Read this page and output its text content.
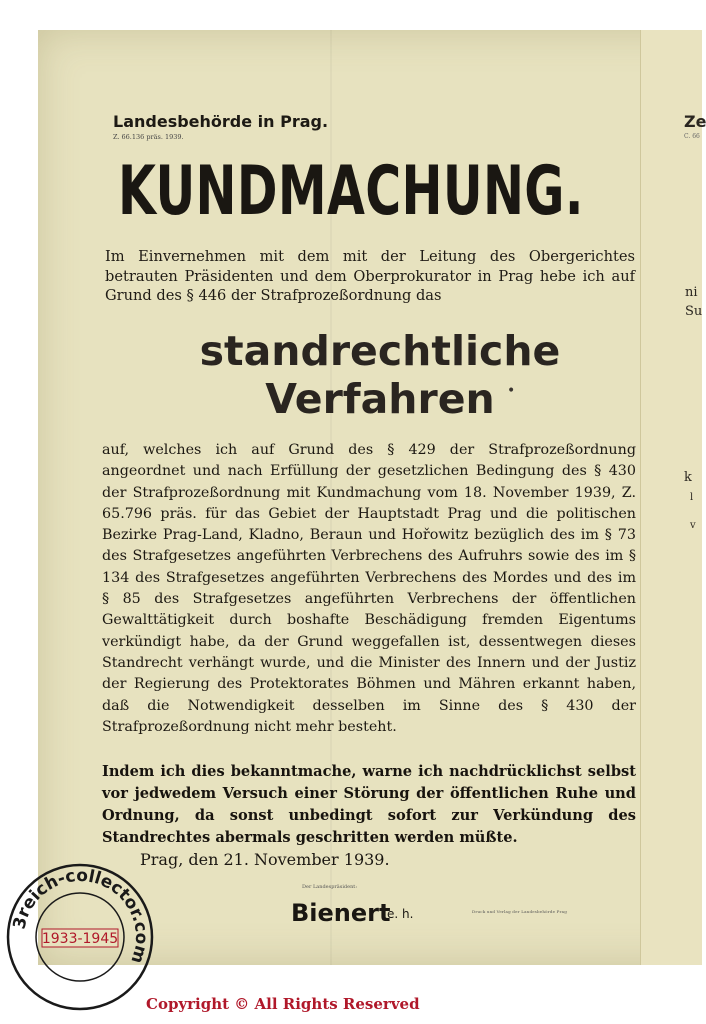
Landesbehörde in Prag.

Z. 66.136 präs. 1939.

KUNDMACHUNG.

Im Einvernehmen mit dem mit der Leitung des Obergerichtes betrauten Präsidenten und dem Oberprokurator in Prag hebe ich auf Grund des § 446 der Strafprozeßordnung das

standrechtliche

Verfahren •

auf, welches ich auf Grund des § 429 der Strafprozeßordnung angeordnet und nach Erfüllung der gesetzlichen Bedingung des § 430 der Strafprozeßordnung mit Kundmachung vom 18. November 1939, Z. 65.796 präs. für das Gebiet der Hauptstadt Prag und die politischen Bezirke Prag-Land, Kladno, Beraun und Hořowitz bezüglich des im § 73 des Strafgesetzes angeführten Verbrechens des Aufruhrs sowie des im § 134 des Strafgesetzes angeführten Verbrechens des Mordes und des im § 85 des Strafgesetzes angeführten Verbrechens der öffentlichen Gewalttätigkeit durch boshafte Beschädigung fremden Eigentums verkündigt habe, da der Grund weggefallen ist, dessentwegen dieses Standrecht verhängt wurde, und die Minister des Innern und der Justiz der Regierung des Protektorates Böhmen und Mähren erkannt haben, daß die Notwendigkeit desselben im Sinne des § 430 der Strafprozeßordnung nicht mehr besteht.

Indem ich dies bekanntmache, warne ich nachdrücklichst selbst vor jedwedem Versuch einer Störung der öffentlichen Ruhe und Ordnung, da sonst unbedingt sofort zur Verkündung des Standrechtes abermals geschritten werden müßte.

Prag, den 21. November 1939.

Der Landespräsident:

Bienert

e. h.	Druck und Verlag der Landesbehörde Prag

Ze

C. 66

ni

Su

k

l

v

3reich-collector.com
1933-1945

Copyright © All Rights Reserved
